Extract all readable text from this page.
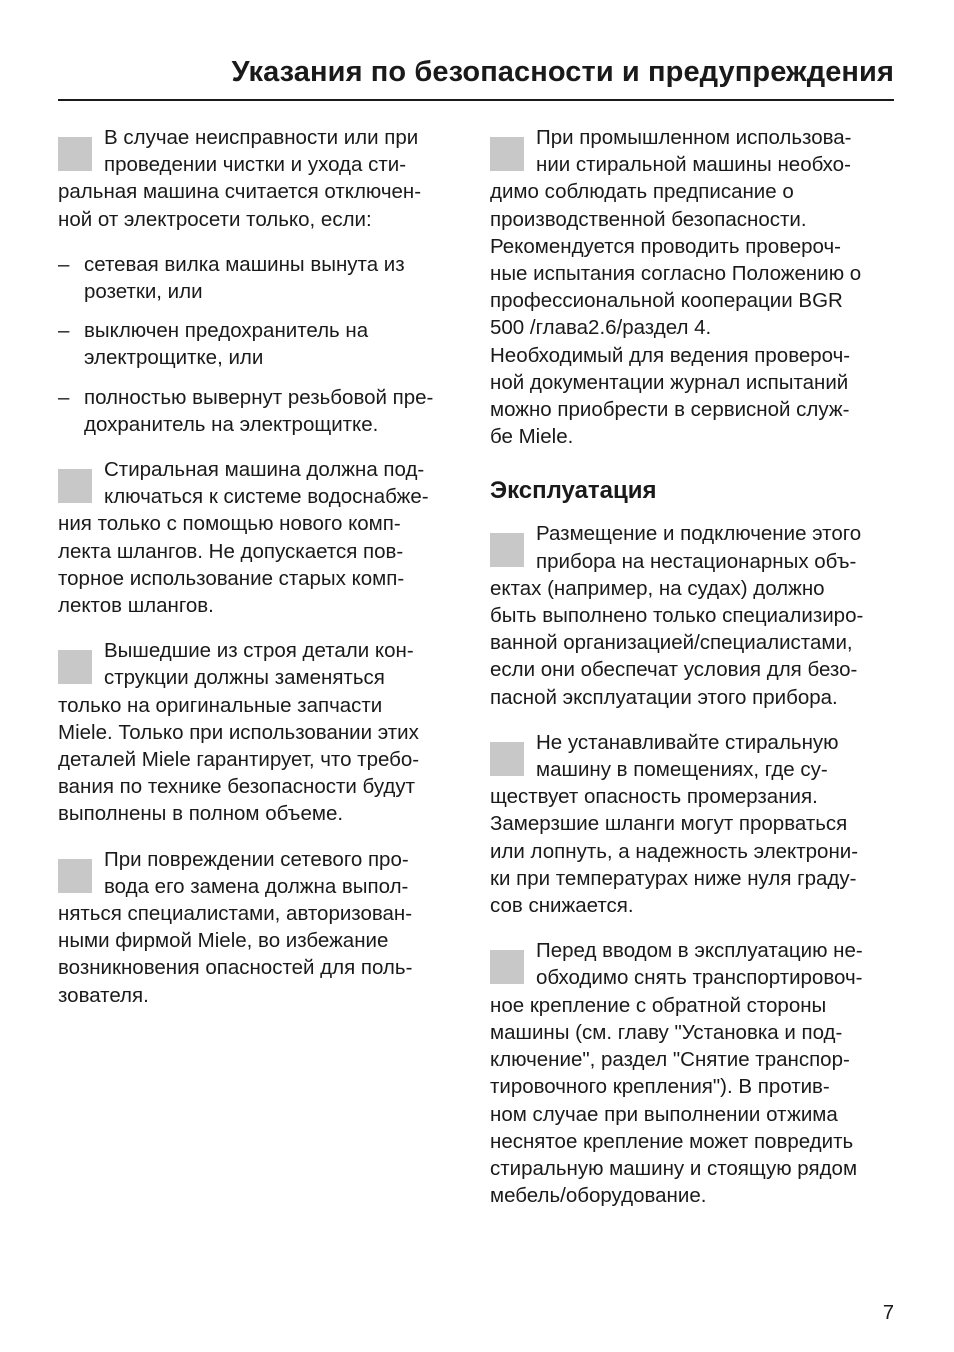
Указания по безопасности и предупреждения
В случае неисправности или при
проведении чистки и ухода сти-
ральная машина считается отключен-
ной от электросети только, если:
– сетевая вилка машины вынута из
розетки, или
– выключен предохранитель на
электрощитке, или
– полностью вывернут резьбовой пре-
дохранитель на электрощитке.
Стиральная машина должна под-
ключаться к системе водоснабже-
ния только с помощью нового комп-
лекта шлангов. Не допускается пов-
торное использование старых комп-
лектов шлангов.
Вышедшие из строя детали кон-
струкции должны заменяться
только на оригинальные запчасти
Miele. Только при использовании этих
деталей Miele гарантирует, что требо-
вания по технике безопасности будут
выполнены в полном объеме.
При повреждении сетевого про-
вода его замена должна выпол-
няться специалистами, авторизован-
ными фирмой Miele, во избежание
возникновения опасностей для поль-
зователя.
При промышленном использова-
нии стиральной машины необхо-
димо соблюдать предписание о
производственной безопасности.
Рекомендуется проводить провероч-
ные испытания согласно Положению о
профессиональной кооперации BGR
500 /глава2.6/раздел 4.
Необходимый для ведения провероч-
ной документации журнал испытаний
можно приобрести в сервисной служ-
бе Miele.
Эксплуатация
Размещение и подключение этого
прибора на нестационарных объ-
ектах (например, на судах) должно
быть выполнено только специализиро-
ванной организацией/специалистами,
если они обеспечат условия для безо-
пасной эксплуатации этого прибора.
Не устанавливайте стиральную
машину в помещениях, где су-
ществует опасность промерзания.
Замерзшие шланги могут прорваться
или лопнуть, а надежность электрони-
ки при температурах ниже нуля граду-
сов снижается.
Перед вводом в эксплуатацию не-
обходимо снять транспортировоч-
ное крепление с обратной стороны
машины (см. главу "Установка и под-
ключение", раздел "Снятие транспор-
тировочного крепления"). В против-
ном случае при выполнении отжима
неснятое крепление может повредить
стиральную машину и стоящую рядом
мебель/оборудование.
7
